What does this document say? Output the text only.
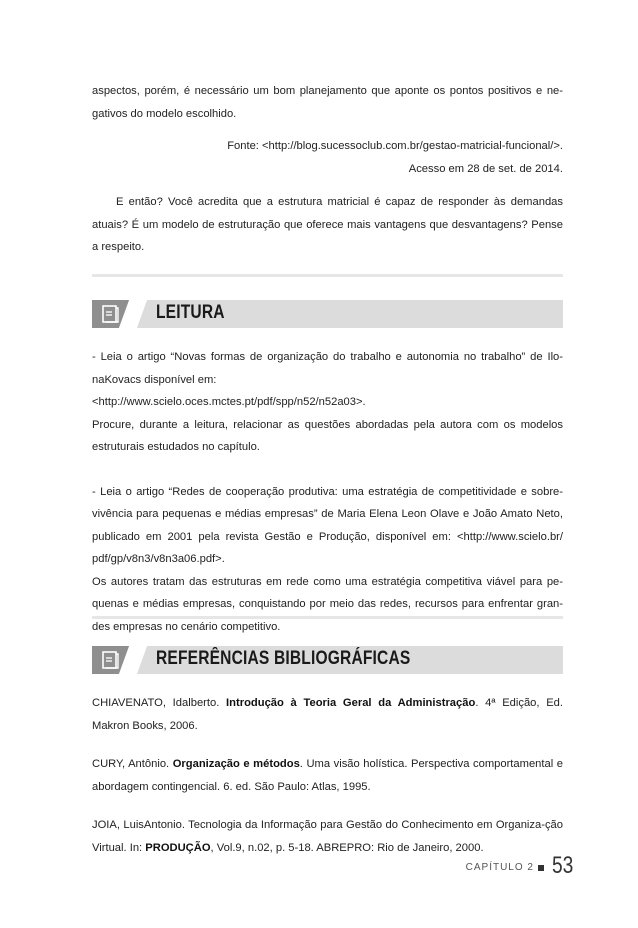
aspectos, porém, é necessário um bom planejamento que aponte os pontos positivos e ne-gativos do modelo escolhido.

Fonte: <http://blog.sucessoclub.com.br/gestao-matricial-funcional/>.

Acesso em 28 de set. de 2014.

E então? Você acredita que a estrutura matricial é capaz de responder às demandas atuais? É um modelo de estruturação que oferece mais vantagens que desvantagens? Pense a respeito.

LEITURA

- Leia o artigo “Novas formas de organização do trabalho e autonomia no trabalho” de Ilo-naKovacs disponível em:

<http://www.scielo.oces.mctes.pt/pdf/spp/n52/n52a03>.

Procure, durante a leitura, relacionar as questões abordadas pela autora com os modelos estruturais estudados no capítulo.

- Leia o artigo “Redes de cooperação produtiva: uma estratégia de competitividade e sobre-vivência para pequenas e médias empresas” de Maria Elena Leon Olave e João Amato Neto, publicado em 2001 pela revista Gestão e Produção, disponível em: <http://www.scielo.br/ pdf/gp/v8n3/v8n3a06.pdf>.

Os autores tratam das estruturas em rede como uma estratégia competitiva viável para pe-quenas e médias empresas, conquistando por meio das redes, recursos para enfrentar gran-des empresas no cenário competitivo.

REFERÊNCIAS BIBLIOGRÁFICAS

CHIAVENATO, Idalberto. Introdução à Teoria Geral da Administração. 4ª Edição, Ed. Makron Books, 2006.

CURY, Antônio. Organização e métodos. Uma visão holística. Perspectiva comportamental e abordagem contingencial. 6. ed. São Paulo: Atlas, 1995.

JOIA, LuisAntonio. Tecnologia da Informação para Gestão do Conhecimento em Organiza-ção Virtual. In: PRODUÇÃO, Vol.9, n.02, p. 5-18. ABREPRO: Rio de Janeiro, 2000.

CAPÍTULO 2 53
